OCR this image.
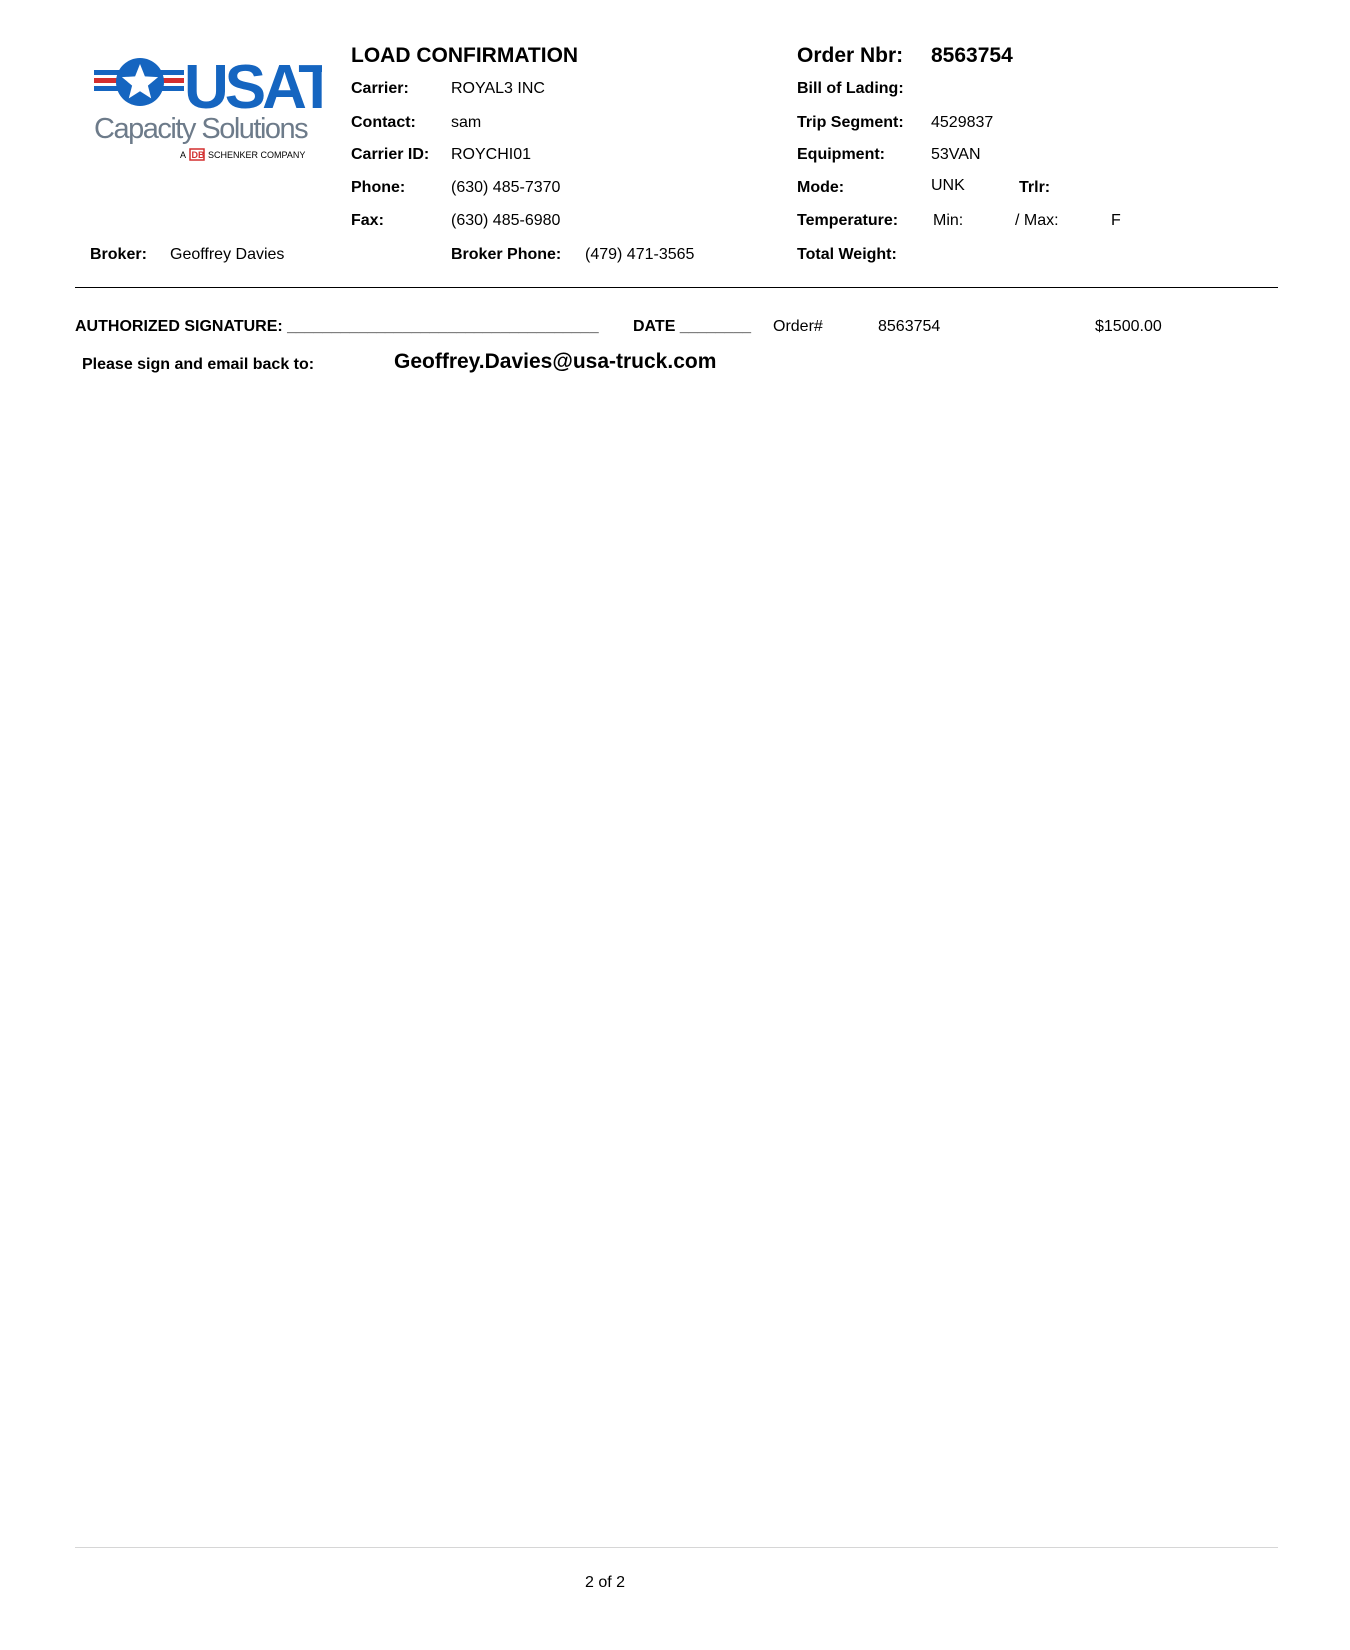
USAT
Capacity Solutions
A DB SCHENKER COMPANY
LOAD CONFIRMATION	Order Nbr: 8563754
Carrier:	ROYAL3 INC
Contact: sam
Carrier ID: ROYCHI01
Phone:	(630) 485-7370
Fax:	(630) 485-6980
Bill of Lading:
Trip Segment: 4529837
Equipment:	53VAN
Mode:	UNK	Trlr:
Temperature: Min:	/ Max:	F
Total Weight:
Broker: Geoffrey Davies	Broker Phone: (479) 471-3565
AUTHORIZED SIGNATURE: ___________________________________ DATE ________ Order#	8563754	$1500.00
Please sign and email back to:	Geoffrey.Davies@usa-truck.com
2 of 2
